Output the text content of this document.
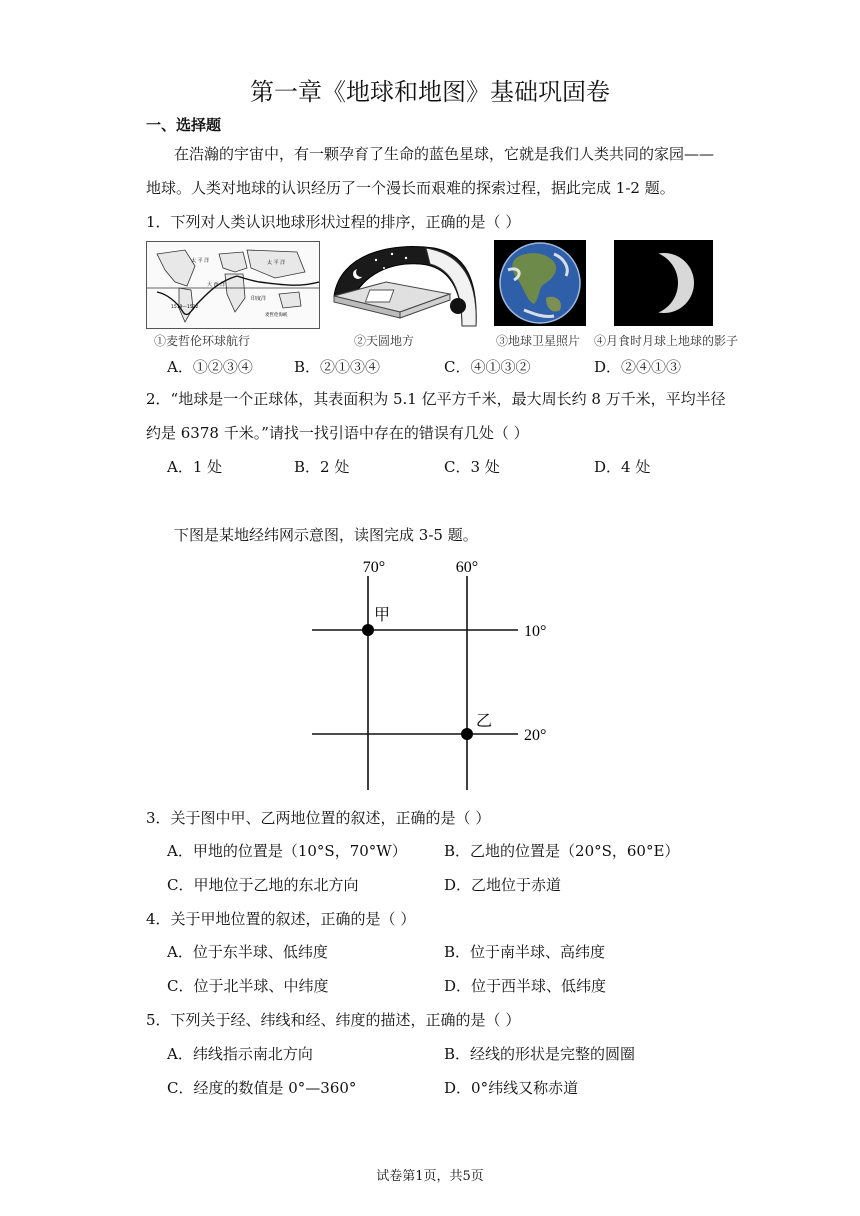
第一章《地球和地图》基础巩固卷
一、选择题
在浩瀚的宇宙中，有一颗孕育了生命的蓝色星球，它就是我们人类共同的家园——
地球。人类对地球的认识经历了一个漫长而艰难的探索过程，据此完成 1-2 题。
1．下列对人类认识地球形状过程的排序，正确的是（ ）
太 平 洋
大 西 洋
印度洋
太 平 洋
1519—1522
麦哲伦海峡
①麦哲伦环球航行	②天圆地方	③地球卫星照片 ④月食时月球上地球的影子
A．①②③④	B．②①③④	C．④①③②	D．②④①③
2．“地球是一个正球体，其表面积为 5.1 亿平方千米，最大周长约 8 万千米，平均半径
约是 6378 千米。”请找一找引语中存在的错误有几处（ ）
A．1 处	B．2 处	C．3 处	D．4 处
下图是某地经纬网示意图，读图完成 3-5 题。
70°	60°
10°
20°
甲
乙
3．关于图中甲、乙两地位置的叙述，正确的是（ ）
A．甲地的位置是（10°S，70°W） B．乙地的位置是（20°S，60°E）
C．甲地位于乙地的东北方向	D．乙地位于赤道
4．关于甲地位置的叙述，正确的是（ ）
A．位于东半球、低纬度	B．位于南半球、高纬度
C．位于北半球、中纬度	D．位于西半球、低纬度
5．下列关于经、纬线和经、纬度的描述，正确的是（ ）
A．纬线指示南北方向	B．经线的形状是完整的圆圈
C．经度的数值是 0°—360°	D．0°纬线又称赤道
试卷第1页，共5页
